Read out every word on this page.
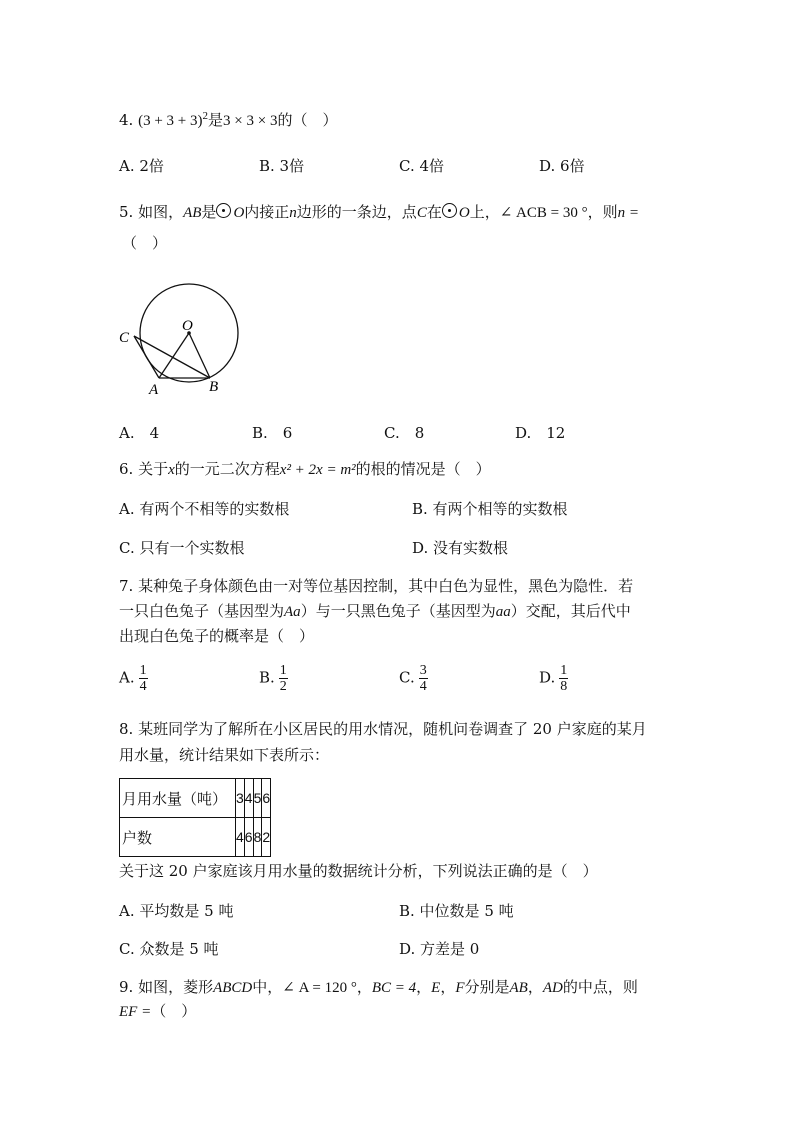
4. $(3 + 3 + 3)^2$是3 × 3 × 3的（　）
A. 2倍	B. 3倍	C. 4倍	D. 6倍
5. 如图，AB是 O内接正n边形的一条边，点C在 O上，∠ ACB = 30 °，则n =
（　）
O
C
A	B
A.　4	B.　6	C.　8	D.　12
6. 关于x的一元二次方程x² + 2x = m²的根的情况是（　）
A. 有两个不相等的实数根	B. 有两个相等的实数根
C. 只有一个实数根	D. 没有实数根
7. 某种兔子身体颜色由一对等位基因控制，其中白色为显性，黑色为隐性．若
一只白色兔子（基因型为Aa）与一只黑色兔子（基因型为aa）交配，其后代中
出现白色兔子的概率是（　）
A. $\frac{1}{4}$	B. $\frac{1}{2}$	C. $\frac{3}{4}$	D. $\frac{1}{8}$
8. 某班同学为了解所在小区居民的用水情况，随机问卷调查了 20 户家庭的某月
用水量，统计结果如下表所示：
月用水量（吨）	3	4	5	6
户数	4	6	8	2
关于这 20 户家庭该月用水量的数据统计分析，下列说法正确的是（　）
A. 平均数是 5 吨	B. 中位数是 5 吨
C. 众数是 5 吨	D. 方差是 0
9. 如图，菱形ABCD中，∠ A = 120 °，BC = 4，E，F分别是AB，AD的中点，则
EF =（　）
